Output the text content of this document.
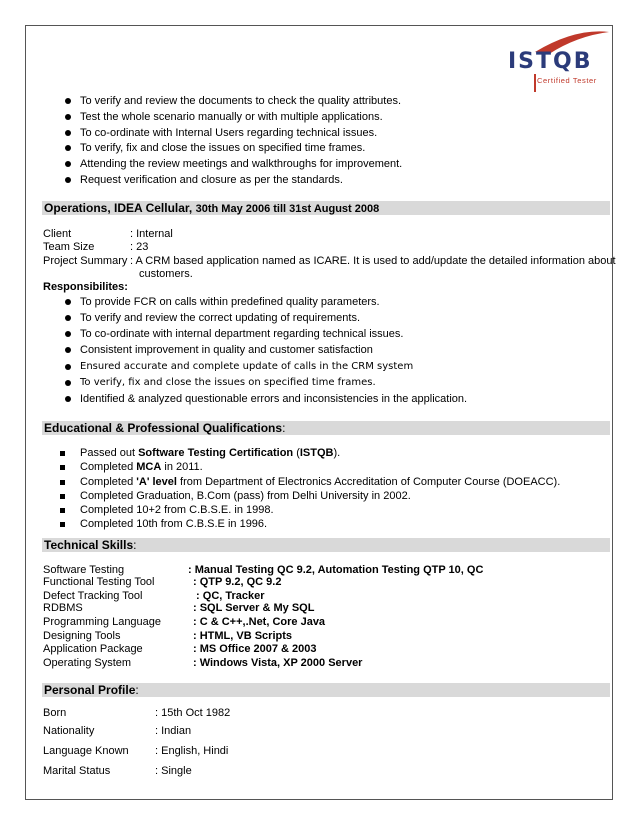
ISTQB
Certified Tester
To verify and review the documents to check the quality attributes.
Test the whole scenario manually or with multiple applications.
To co-ordinate with Internal Users regarding technical issues.
To verify, fix and close the issues on specified time frames.
Attending the review meetings and walkthroughs for improvement.
Request verification and closure as per the standards.
Operations, IDEA Cellular, 30th May 2006 till 31st August 2008
Client	: Internal
Team Size	: 23
Project Summary : A CRM based application named as ICARE. It is used to add/update the detailed information about
customers.
Responsibilites:
To provide FCR on calls within predefined quality parameters.
To verify and review the correct updating of requirements.
To co-ordinate with internal department regarding technical issues.
Consistent improvement in quality and customer satisfaction
Ensured accurate and complete update of calls in the CRM system
To verify, fix and close the issues on specified time frames.
Identified & analyzed questionable errors and inconsistencies in the application.
Educational & Professional Qualifications:
Passed out Software Testing Certification (ISTQB).
Completed MCA in 2011.
Completed 'A' level from Department of Electronics Accreditation of Computer Course (DOEACC).
Completed Graduation, B.Com (pass) from Delhi University in 2002.
Completed 10+2 from C.B.S.E. in 1998.
Completed 10th from C.B.S.E in 1996.
Technical Skills:
Software Testing	: Manual Testing QC 9.2, Automation Testing QTP 10, QC
Functional Testing Tool	: QTP 9.2, QC 9.2
Defect Tracking Tool	: QC, Tracker
RDBMS	: SQL Server & My SQL
Programming Language	: C & C++,.Net, Core Java
Designing Tools	: HTML, VB Scripts
Application Package	: MS Office 2007 & 2003
Operating System	: Windows Vista, XP 2000 Server
Personal Profile:
Born	: 15th Oct 1982
Nationality	: Indian
Language Known : English, Hindi
Marital Status	: Single
